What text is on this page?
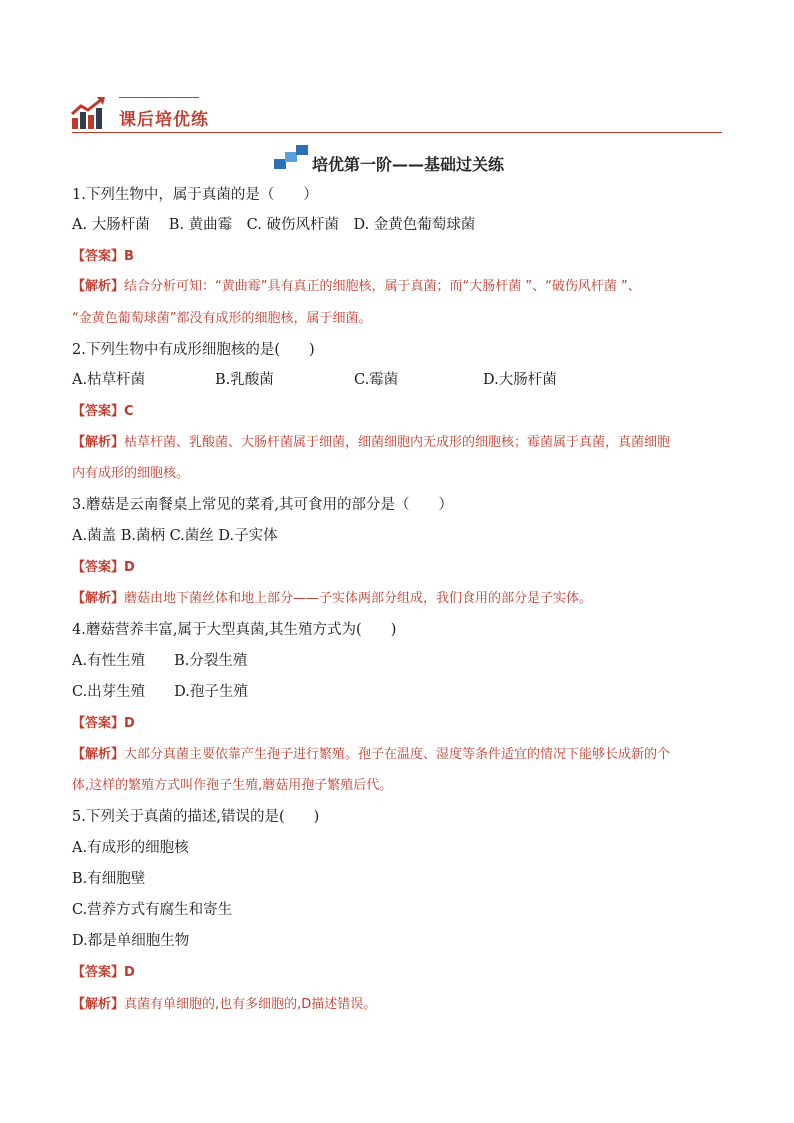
课后培优练
培优第一阶——基础过关练
1.下列生物中，属于真菌的是（　　）
A. 大肠杆菌　 B. 黄曲霉　C. 破伤风杆菌　D. 金黄色葡萄球菌
【答案】B
【解析】结合分析可知：“黄曲霉”具有真正的细胞核，属于真菌；而“大肠杆菌 ”、“破伤风杆菌 ”、
“金黄色葡萄球菌”都没有成形的细胞核，属于细菌。
2.下列生物中有成形细胞核的是(　　)
A.枯草杆菌	B.乳酸菌	C.霉菌	D.大肠杆菌
【答案】C
【解析】枯草杆菌、乳酸菌、大肠杆菌属于细菌，细菌细胞内无成形的细胞核；霉菌属于真菌，真菌细胞
内有成形的细胞核。
3.蘑菇是云南餐桌上常见的菜肴,其可食用的部分是（　　）
A.菌盖 B.菌柄 C.菌丝 D.子实体
【答案】D
【解析】蘑菇由地下菌丝体和地上部分——子实体两部分组成，我们食用的部分是子实体。
4.蘑菇营养丰富,属于大型真菌,其生殖方式为(　　)
A.有性生殖　　B.分裂生殖
C.出芽生殖　　D.孢子生殖
【答案】D
【解析】大部分真菌主要依靠产生孢子进行繁殖。孢子在温度、湿度等条件适宜的情况下能够长成新的个
体,这样的繁殖方式叫作孢子生殖,蘑菇用孢子繁殖后代。
5.下列关于真菌的描述,错误的是(　　)
A.有成形的细胞核
B.有细胞壁
C.营养方式有腐生和寄生
D.都是单细胞生物
【答案】D
【解析】真菌有单细胞的,也有多细胞的,D描述错误。
